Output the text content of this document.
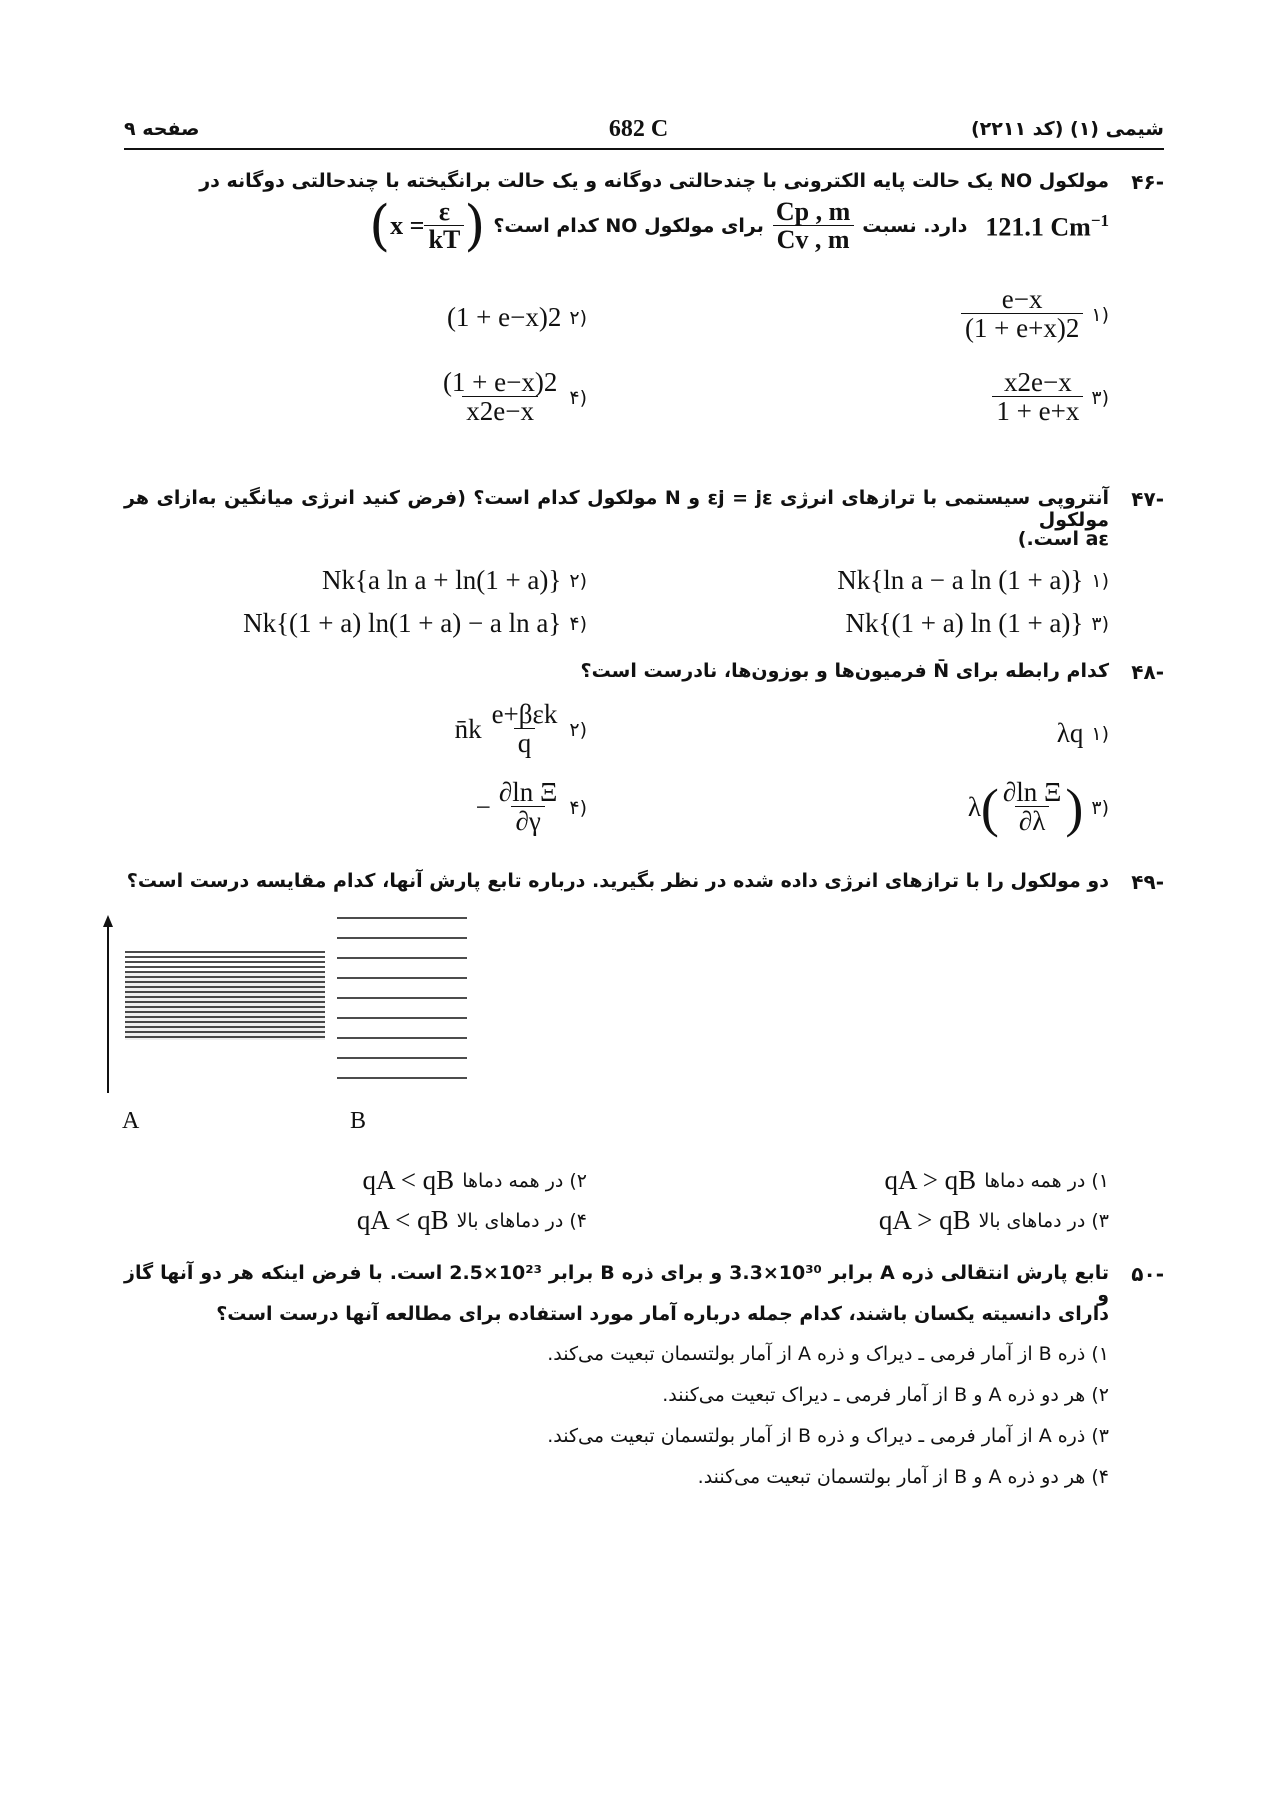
شیمی (۱) (کد ۲۲۱۱)
682 C
صفحه ۹
-۴۶
مولکول NO یک حالت پایه الکترونی با چندحالتی دوگانه و یک حالت برانگیخته با چندحالتی دوگانه در
( $x = \frac{\varepsilon}{kT}$ ) برای مولکول NO کدام است؟ $\frac{Cp , m}{Cv , m}$ دارد. نسبت 121.1 $Cm^{-1}$
(۱
$\frac{e-x}{(1 + e+x)2}$
(۲
(1 + e−x)2
(۳
$\frac{x2e-x}{1 + e+x}$
(۴
$\frac{(1 + e-x)2}{x2e-x}$
-۴۷
آنتروپی سیستمی با ترازهای انرژی εj = jε و N مولکول کدام است؟ (فرض کنید انرژی میانگین به‌ازای هر مولکول
aε است.)
(۱
Nk{ln a − a ln (1 + a)}
(۲
Nk{a ln a + ln(1 + a)}
(۳
Nk{(1 + a) ln (1 + a)}
(۴
Nk{(1 + a) ln(1 + a) − a ln a}
-۴۸
کدام رابطه برای N̄ فرمیون‌ها و بوزون‌ها، نادرست است؟
(۱
λq
(۲
n̄k $\frac{\text{e+βεk}}{q}$
(۳
λ ( $\frac{\text{∂ln Ξ}}{\partial\lambda}$ )
(۴
− $\frac{\text{∂ln Ξ}}{\partial\gamma}$
-۴۹
دو مولکول را با ترازهای انرژی داده شده در نظر بگیرید. درباره تابع پارش آنها، کدام مقایسه درست است؟
A	B
۱) در همه دماها
qA > qB
۲) در همه دماها
qA < qB
۳) در دماهای بالا
qA > qB
۴) در دماهای بالا
qA < qB
-۵۰
تابع پارش انتقالی ذره A برابر 10³⁰×3.3 و برای ذره B برابر 10²³×2.5 است. با فرض اینکه هر دو آنها گاز و
دارای دانسیته یکسان باشند، کدام جمله درباره آمار مورد استفاده برای مطالعه آنها درست است؟
۱) ذره B از آمار فرمی ـ دیراک و ذره A از آمار بولتسمان تبعیت می‌کند.
۲) هر دو ذره A و B از آمار فرمی ـ دیراک تبعیت می‌کنند.
۳) ذره A از آمار فرمی ـ دیراک و ذره B از آمار بولتسمان تبعیت می‌کند.
۴) هر دو ذره A و B از آمار بولتسمان تبعیت می‌کنند.
